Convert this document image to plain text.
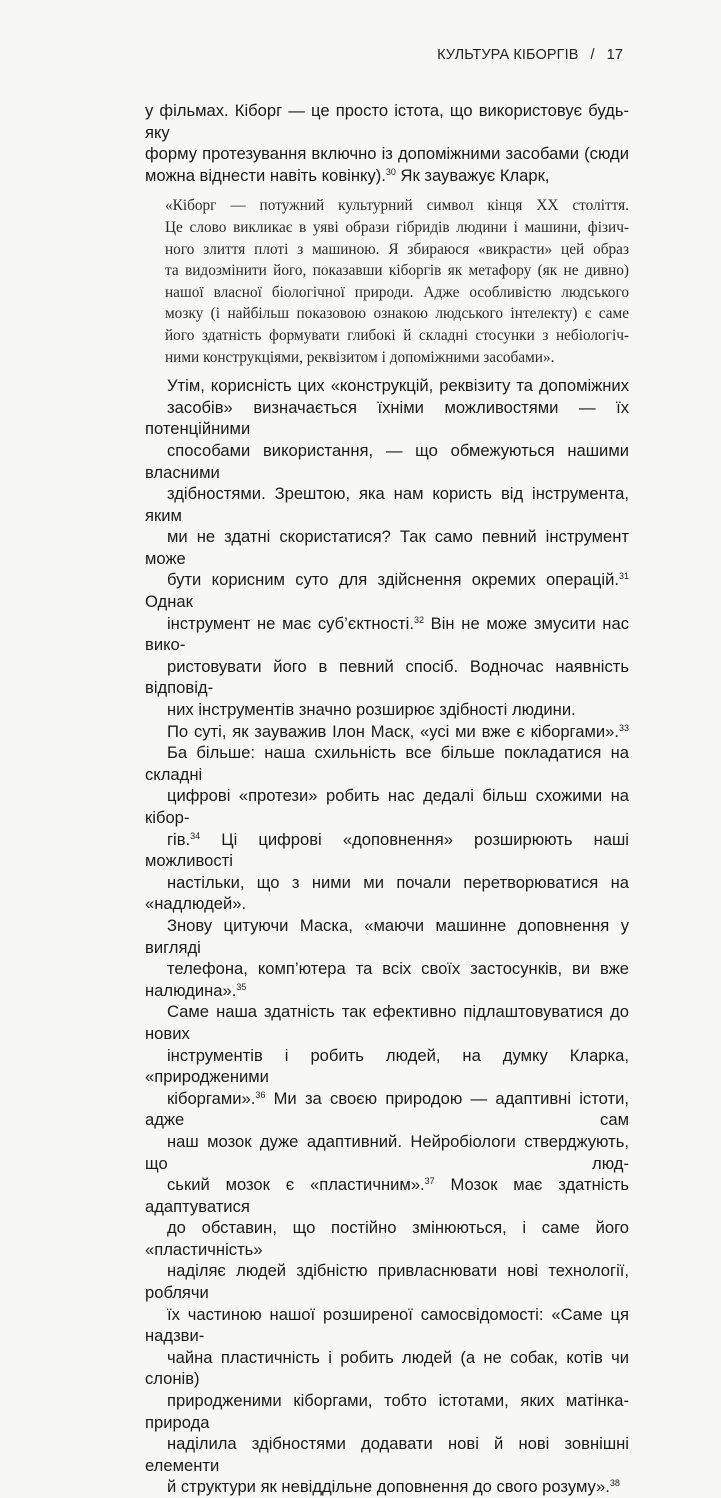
КУЛЬТУРА КІБОРГІВ / 17

у фільмах. Кіборг — це просто істота, що використовує будь-яку
форму протезування включно із допоміжними засобами (сюди
можна віднести навіть ковінку).$^{30}$ Як зауважує Кларк,

«Кіборг — потужний культурний символ кінця XX століття.
Це слово викликає в уяві образи гібридів людини і машини, фізич-
ного злиття плоті з машиною. Я збираюся «викрасти» цей образ
та видозмінити його, показавши кіборгів як метафору (як не дивно)
нашої власної біологічної природи. Адже особливістю людського
мозку (і найбільш показовою ознакою людського інтелекту) є саме
його здатність формувати глибокі й складні стосунки з небіологіч-
ними конструкціями, реквізитом і допоміжними засобами».

Утім, корисність цих «конструкцій, реквізиту та допоміжних
засобів» визначається їхніми можливостями — їх потенційними
способами використання, — що обмежуються нашими власними
здібностями. Зрештою, яка нам користь від інструмента, яким
ми не здатні скористатися? Так само певний інструмент може
бути корисним суто для здійснення окремих операцій.$^{31}$ Однак
інструмент не має суб’єктності.$^{32}$ Він не може змусити нас вико-
ристовувати його в певний спосіб. Водночас наявність відповід-
них інструментів значно розширює здібності людини.

По суті, як зауважив Ілон Маск, «усі ми вже є кіборгами».$^{33}$
Ба більше: наша схильність все більше покладатися на складні
цифрові «протези» робить нас дедалі більш схожими на кібор-
гів.$^{34}$ Ці цифрові «доповнення» розширюють наші можливості
настільки, що з ними ми почали перетворюватися на «надлюдей».
Знову цитуючи Маска, «маючи машинне доповнення у вигляді
телефона, комп’ютера та всіх своїх застосунків, ви вже налюдина».$^{35}$

Саме наша здатність так ефективно підлаштовуватися до нових
інструментів і робить людей, на думку Кларка, «природженими
кіборгами».$^{36}$ Ми за своєю природою — адаптивні істоти, адже сам
наш мозок дуже адаптивний. Нейробіологи стверджують, що люд-
ський мозок є «пластичним».$^{37}$ Мозок має здатність адаптуватися
до обставин, що постійно змінюються, і саме його «пластичність»
наділяє людей здібністю привласнювати нові технології, роблячи
їх частиною нашої розширеної самосвідомості: «Саме ця надзви-
чайна пластичність і робить людей (а не собак, котів чи слонів)
природженими кіборгами, тобто істотами, яких матінка-природа
наділила здібностями додавати нові й нові зовнішні елементи
й структури як невіддільне доповнення до свого розуму».$^{38}$
